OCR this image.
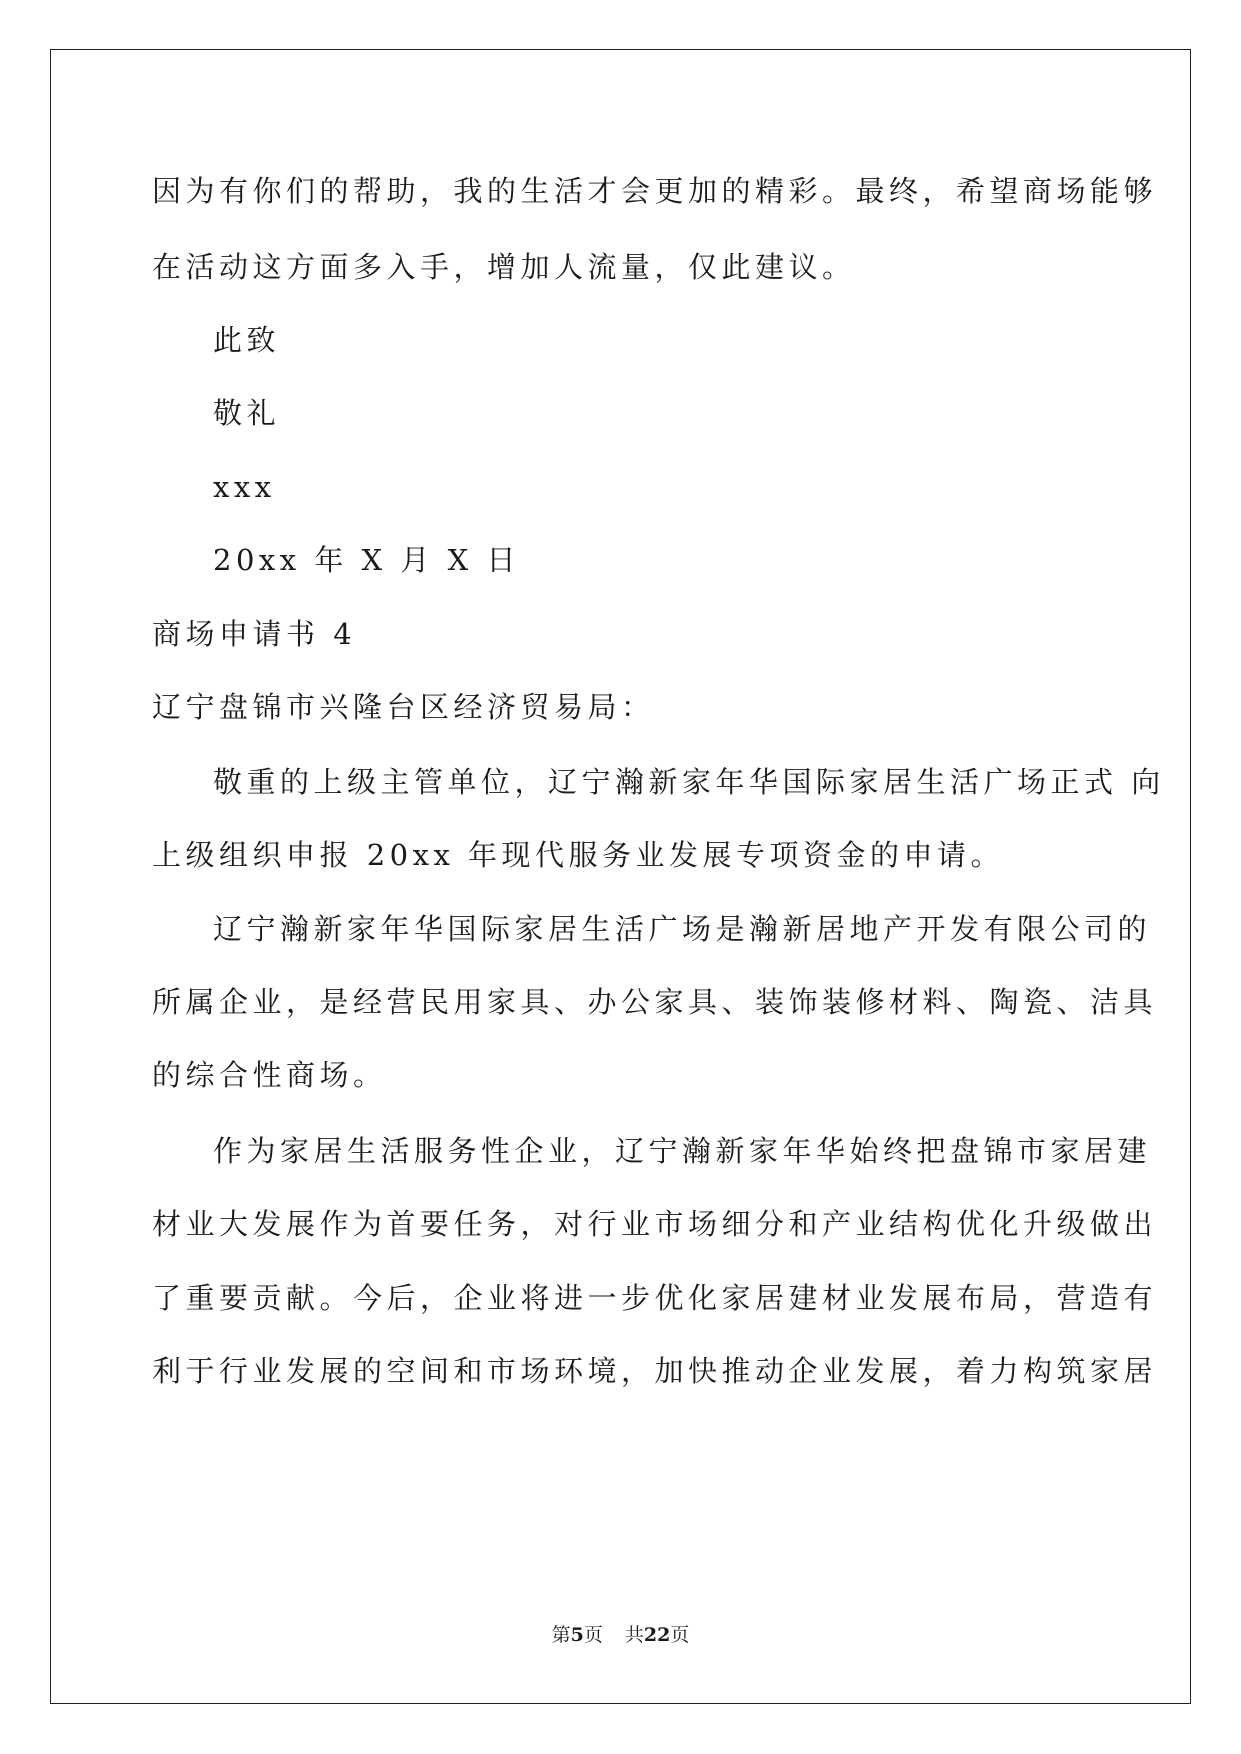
因为有你们的帮助，我的生活才会更加的精彩。最终，希望商场能够
在活动这方面多入手，增加人流量，仅此建议。
此致
敬礼
xxx
20xx 年 X 月 X 日
商场申请书 4
辽宁盘锦市兴隆台区经济贸易局：
敬重的上级主管单位，辽宁瀚新家年华国际家居生活广场正式 向
上级组织申报 20xx 年现代服务业发展专项资金的申请。
辽宁瀚新家年华国际家居生活广场是瀚新居地产开发有限公司的
所属企业，是经营民用家具、办公家具、装饰装修材料、陶瓷、洁具
的综合性商场。
作为家居生活服务性企业，辽宁瀚新家年华始终把盘锦市家居建
材业大发展作为首要任务，对行业市场细分和产业结构优化升级做出
了重要贡献。今后，企业将进一步优化家居建材业发展布局，营造有
利于行业发展的空间和市场环境，加快推动企业发展，着力构筑家居
第5页 共22页
